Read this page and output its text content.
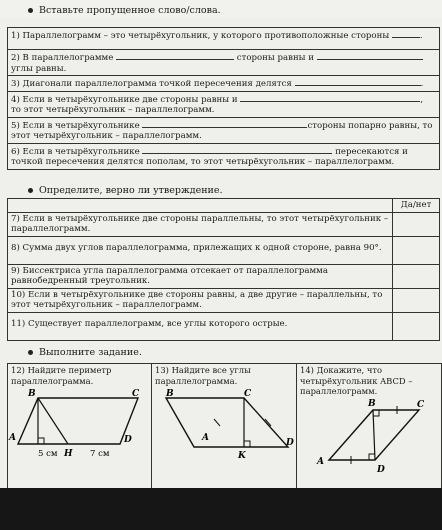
Вставьте пропущенное слово/слова.
1) Параллелограмм – это четырёхугольник, у которого противоположные стороны	.
2) В параллелограмме	стороны равны и
углы равны.
3) Диагонали параллелограмма точкой пересечения делятся	.
4) Если в четырёхугольнике две стороны равны и	,
то этот четырёхугольник – параллелограмм.
5) Если в четырёхугольнике	стороны попарно равны, то
этот четырёхугольник – параллелограмм.
6) Если в четырёхугольнике	пересекаются и
точкой пересечения делятся пополам, то этот четырёхугольник – параллелограмм.
Определите, верно ли утверждение.
	Да/нет
7) Если в четырёхугольнике две стороны параллельны, то этот четырёхугольник – параллелограмм.	
8) Сумма двух углов параллелограмма, прилежащих к одной стороне, равна 90°.	
9) Биссектриса угла параллелограмма отсекает от параллелограмма равнобедренный треугольник.	
10) Если в четырёхугольнике две стороны равны, а две другие – параллельны, то этот четырёхугольник – параллелограмм.	
11) Существует параллелограмм, все углы которого острые.	
Выполните задание.
12) Найдите периметр параллелограмма.
B	C
A	D
H
5 см	7 см
13) Найдите все углы параллелограмма.
B	C
A	D
K
14) Докажите, что четырёхугольник ABCD – параллелограмм.
B	C
A
D
